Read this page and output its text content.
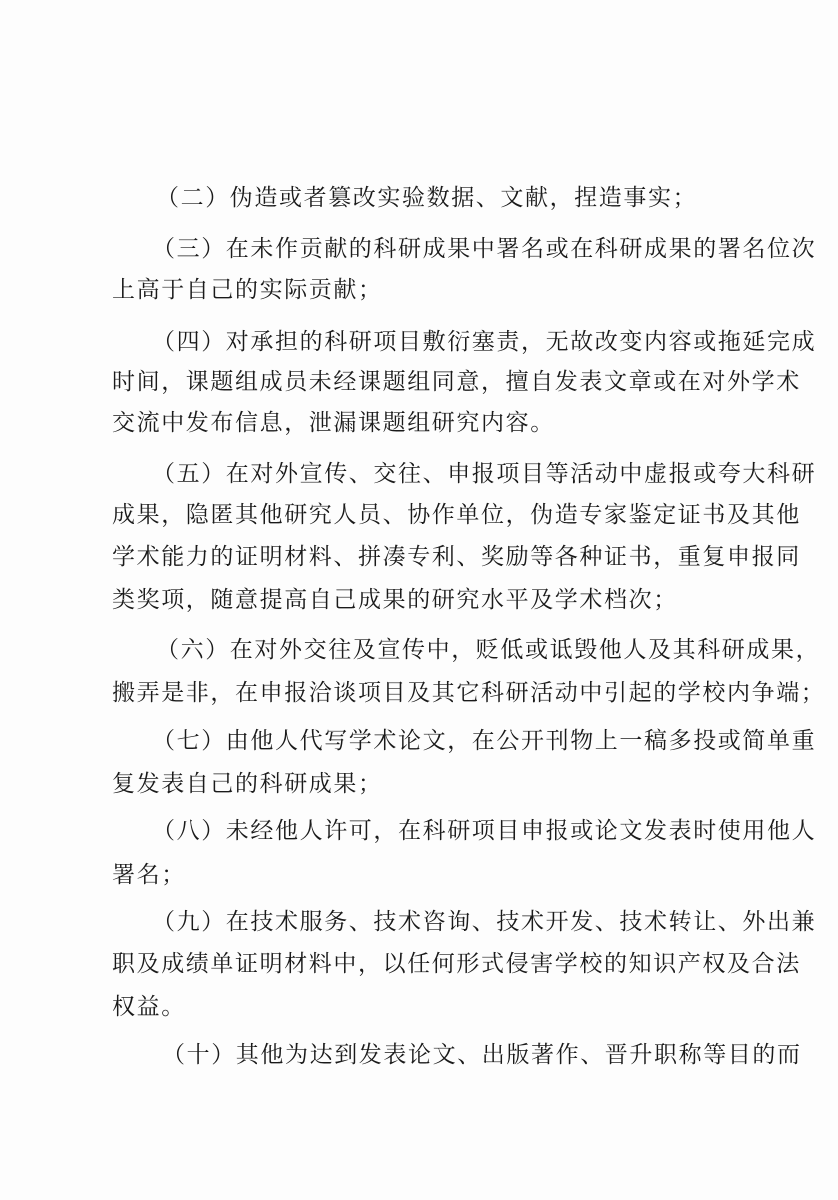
（二）伪造或者篡改实验数据、文献，捏造事实；
（三）在未作贡献的科研成果中署名或在科研成果的署名位次
上高于自己的实际贡献；
（四）对承担的科研项目敷衍塞责，无故改变内容或拖延完成
时间，课题组成员未经课题组同意，擅自发表文章或在对外学术
交流中发布信息，泄漏课题组研究内容。
（五）在对外宣传、交往、申报项目等活动中虚报或夸大科研
成果，隐匿其他研究人员、协作单位，伪造专家鉴定证书及其他
学术能力的证明材料、拼凑专利、奖励等各种证书，重复申报同
类奖项，随意提高自己成果的研究水平及学术档次；
（六）在对外交往及宣传中，贬低或诋毁他人及其科研成果，
搬弄是非，在申报洽谈项目及其它科研活动中引起的学校内争端；
（七）由他人代写学术论文，在公开刊物上一稿多投或简单重
复发表自己的科研成果；
（八）未经他人许可，在科研项目申报或论文发表时使用他人
署名；
（九）在技术服务、技术咨询、技术开发、技术转让、外出兼
职及成绩单证明材料中，以任何形式侵害学校的知识产权及合法
权益。
（十）其他为达到发表论文、出版著作、晋升职称等目的而
